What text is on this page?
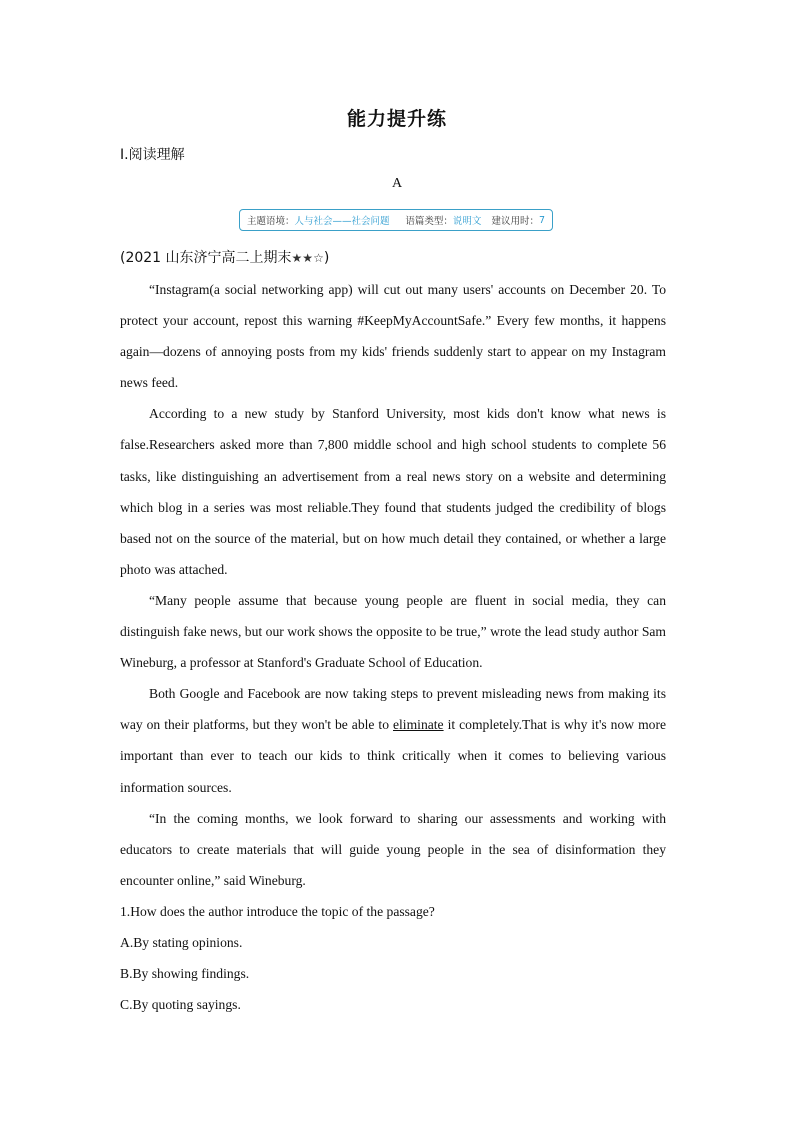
能力提升练
Ⅰ.阅读理解
A
主题语境： 人与社会——社会问题 语篇类型： 说明文 建议用时： 7
(2021 山东济宁高二上期末★★☆)

“Instagram(a social networking app) will cut out many users' accounts on December 20. To protect your account, repost this warning #KeepMyAccountSafe.” Every few months, it happens again—dozens of annoying posts from my kids' friends suddenly start to appear on my Instagram news feed.

According to a new study by Stanford University, most kids don't know what news is false.Researchers asked more than 7,800 middle school and high school students to complete 56 tasks, like distinguishing an advertisement from a real news story on a website and determining which blog in a series was most reliable.They found that students judged the credibility of blogs based not on the source of the material, but on how much detail they contained, or whether a large photo was attached.

“Many people assume that because young people are fluent in social media, they can distinguish fake news, but our work shows the opposite to be true,” wrote the lead study author Sam Wineburg, a professor at Stanford's Graduate School of Education.

Both Google and Facebook are now taking steps to prevent misleading news from making its way on their platforms, but they won't be able to eliminate it completely.That is why it's now more important than ever to teach our kids to think critically when it comes to believing various information sources.

“In the coming months, we look forward to sharing our assessments and working with educators to create materials that will guide young people in the sea of disinformation they encounter online,” said Wineburg.

1.How does the author introduce the topic of the passage?
A.By stating opinions.
B.By showing findings.
C.By quoting sayings.
